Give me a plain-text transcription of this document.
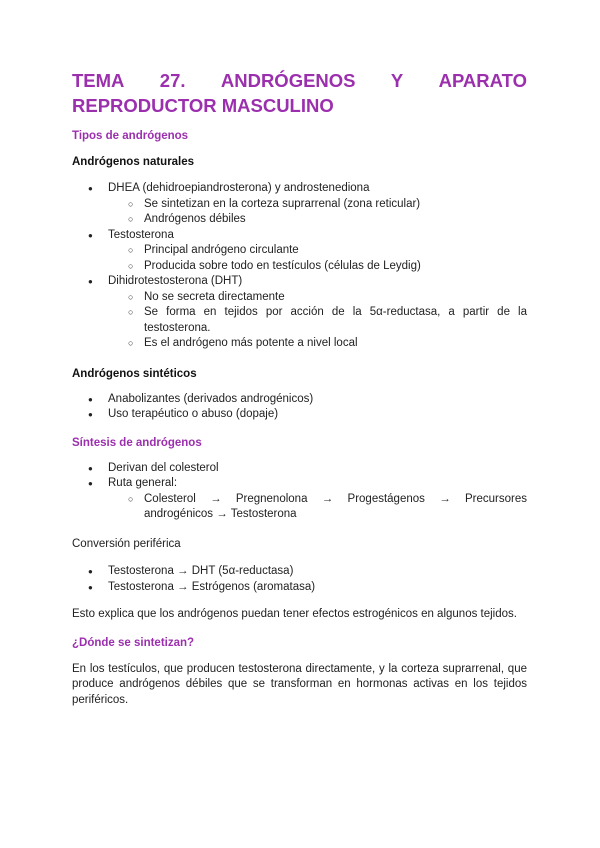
TEMA 27. ANDRÓGENOS Y APARATO
REPRODUCTOR MASCULINO

Tipos de andrógenos

Andrógenos naturales

● DHEA (dehidroepiandrosterona) y androstenediona
○ Se sintetizan en la corteza suprarrenal (zona reticular)
○ Andrógenos débiles
● Testosterona
○ Principal andrógeno circulante
○ Producida sobre todo en testículos (células de Leydig)
● Dihidrotestosterona (DHT)
○ No se secreta directamente
○ Se forma en tejidos por acción de la 5α-reductasa, a partir de la testosterona.
○ Es el andrógeno más potente a nivel local

Andrógenos sintéticos

● Anabolizantes (derivados androgénicos)
● Uso terapéutico o abuso (dopaje)

Síntesis de andrógenos

● Derivan del colesterol
● Ruta general:
○ Colesterol → Pregnenolona → Progestágenos → Precursores
androgénicos → Testosterona

Conversión periférica

● Testosterona → DHT (5α-reductasa)
● Testosterona → Estrógenos (aromatasa)

Esto explica que los andrógenos puedan tener efectos estrogénicos en algunos tejidos.

¿Dónde se sintetizan?

En los testículos, que producen testosterona directamente, y la corteza suprarrenal, que produce andrógenos débiles que se transforman en hormonas activas en los tejidos periféricos.
